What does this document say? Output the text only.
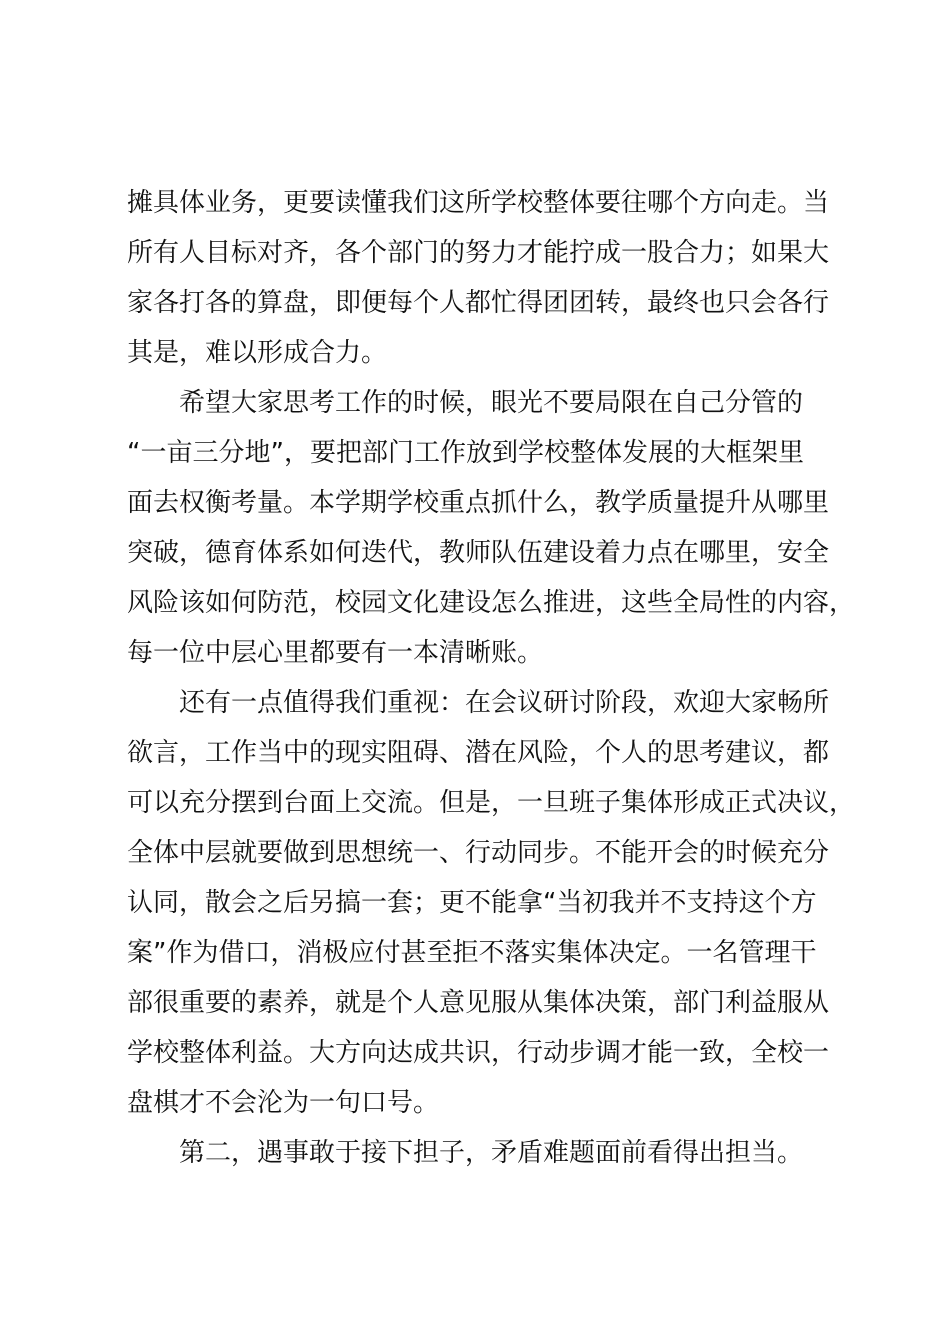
摊具体业务，更要读懂我们这所学校整体要往哪个方向走。当
所有人目标对齐，各个部门的努力才能拧成一股合力；如果大
家各打各的算盘，即便每个人都忙得团团转，最终也只会各行
其是，难以形成合力。
希望大家思考工作的时候，眼光不要局限在自己分管的
“一亩三分地”，要把部门工作放到学校整体发展的大框架里
面去权衡考量。本学期学校重点抓什么，教学质量提升从哪里
突破，德育体系如何迭代，教师队伍建设着力点在哪里，安全
风险该如何防范，校园文化建设怎么推进，这些全局性的内容，
每一位中层心里都要有一本清晰账。
还有一点值得我们重视：在会议研讨阶段，欢迎大家畅所
欲言，工作当中的现实阻碍、潜在风险，个人的思考建议，都
可以充分摆到台面上交流。但是，一旦班子集体形成正式决议，
全体中层就要做到思想统一、行动同步。不能开会的时候充分
认同，散会之后另搞一套；更不能拿“当初我并不支持这个方
案”作为借口，消极应付甚至拒不落实集体决定。一名管理干
部很重要的素养，就是个人意见服从集体决策，部门利益服从
学校整体利益。大方向达成共识，行动步调才能一致，全校一
盘棋才不会沦为一句口号。
第二，遇事敢于接下担子，矛盾难题面前看得出担当。
